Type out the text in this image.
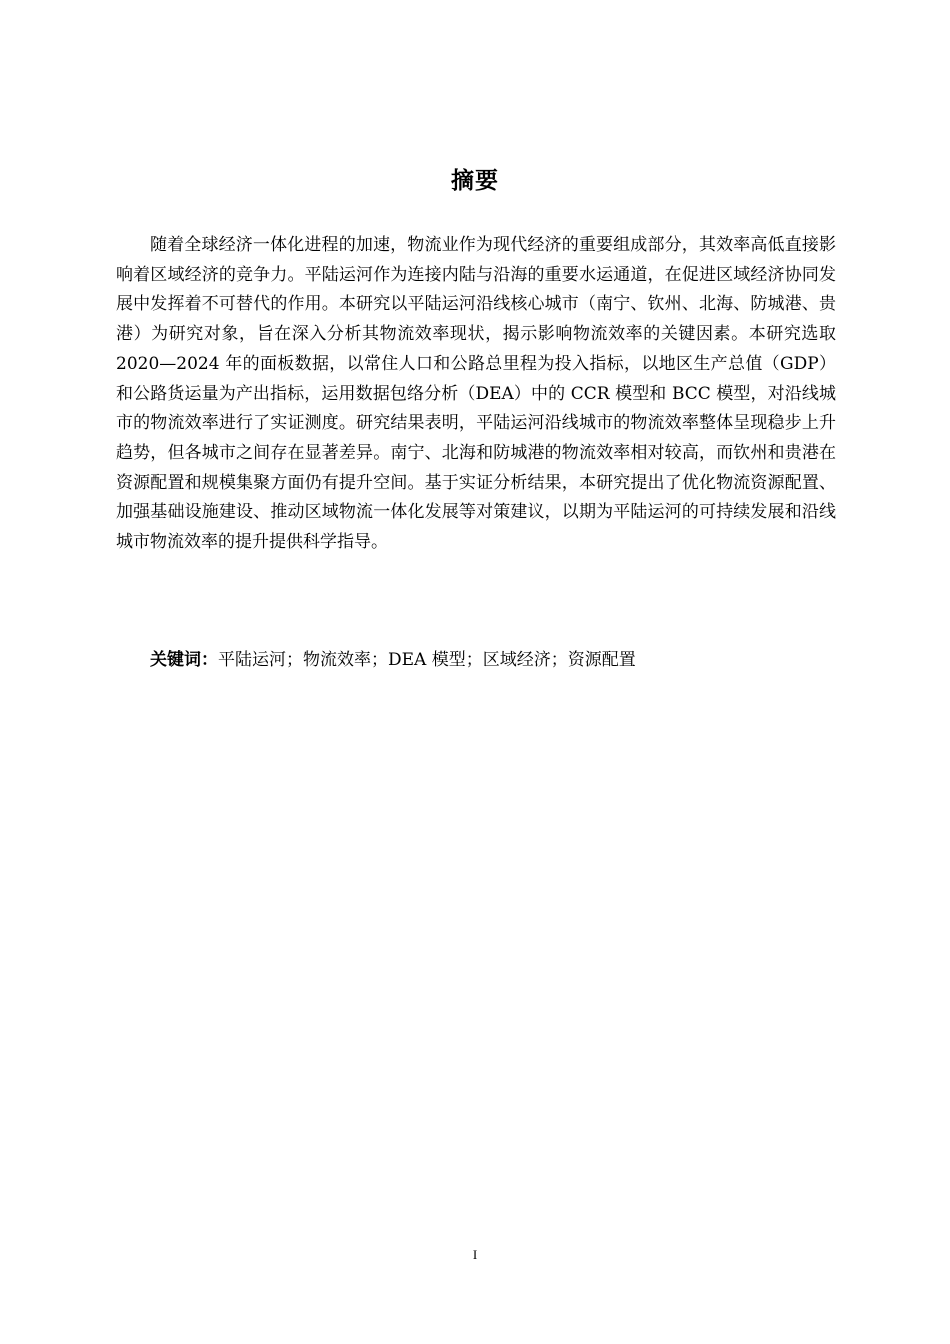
摘要

随着全球经济一体化进程的加速，物流业作为现代经济的重要组成部分，其效率高低直接影响着区域经济的竞争力。平陆运河作为连接内陆与沿海的重要水运通道，在促进区域经济协同发展中发挥着不可替代的作用。本研究以平陆运河沿线核心城市（南宁、钦州、北海、防城港、贵港）为研究对象，旨在深入分析其物流效率现状，揭示影响物流效率的关键因素。本研究选取 2020—2024 年的面板数据，以常住人口和公路总里程为投入指标，以地区生产总值（GDP）和公路货运量为产出指标，运用数据包络分析（DEA）中的 CCR 模型和 BCC 模型，对沿线城市的物流效率进行了实证测度。研究结果表明，平陆运河沿线城市的物流效率整体呈现稳步上升趋势，但各城市之间存在显著差异。南宁、北海和防城港的物流效率相对较高，而钦州和贵港在资源配置和规模集聚方面仍有提升空间。基于实证分析结果，本研究提出了优化物流资源配置、加强基础设施建设、推动区域物流一体化发展等对策建议，以期为平陆运河的可持续发展和沿线城市物流效率的提升提供科学指导。

关键词：平陆运河；物流效率；DEA 模型；区域经济；资源配置

I
